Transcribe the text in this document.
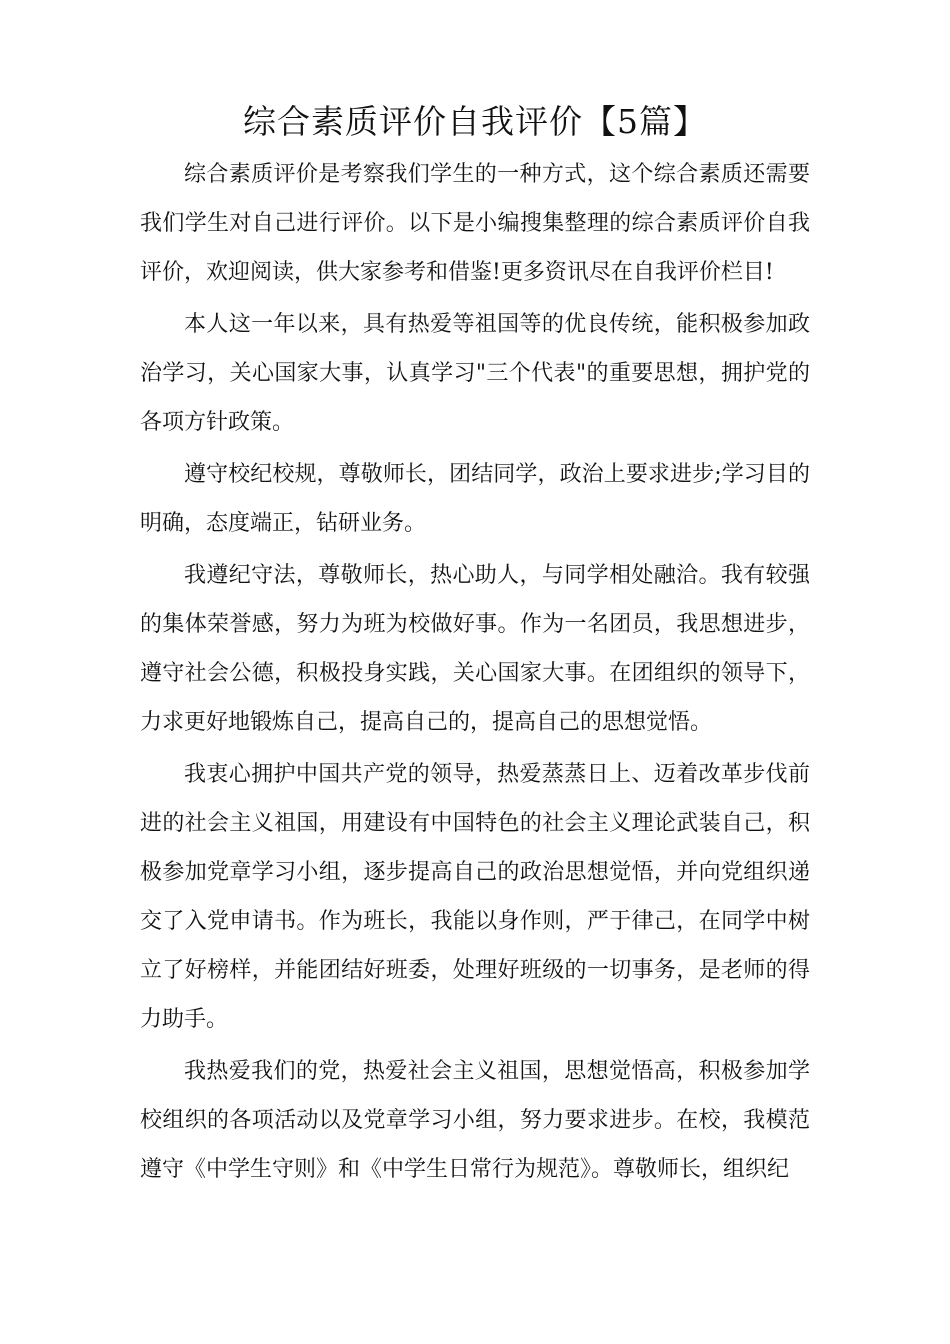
综合素质评价自我评价【5篇】

综合素质评价是考察我们学生的一种方式，这个综合素质还需要我们学生对自己进行评价。以下是小编搜集整理的综合素质评价自我评价，欢迎阅读，供大家参考和借鉴!更多资讯尽在自我评价栏目!

本人这一年以来，具有热爱等祖国等的优良传统，能积极参加政治学习，关心国家大事，认真学习"三个代表"的重要思想，拥护党的各项方针政策。

遵守校纪校规，尊敬师长，团结同学，政治上要求进步;学习目的明确，态度端正，钻研业务。

我遵纪守法，尊敬师长，热心助人，与同学相处融洽。我有较强的集体荣誉感，努力为班为校做好事。作为一名团员，我思想进步，遵守社会公德，积极投身实践，关心国家大事。在团组织的领导下，力求更好地锻炼自己，提高自己的，提高自己的思想觉悟。

我衷心拥护中国共产党的领导，热爱蒸蒸日上、迈着改革步伐前进的社会主义祖国，用建设有中国特色的社会主义理论武装自己，积极参加党章学习小组，逐步提高自己的政治思想觉悟，并向党组织递交了入党申请书。作为班长，我能以身作则，严于律己，在同学中树立了好榜样，并能团结好班委，处理好班级的一切事务，是老师的得力助手。

我热爱我们的党，热爱社会主义祖国，思想觉悟高，积极参加学校组织的各项活动以及党章学习小组，努力要求进步。在校，我模范遵守《中学生守则》和《中学生日常行为规范》。尊敬师长，组织纪
